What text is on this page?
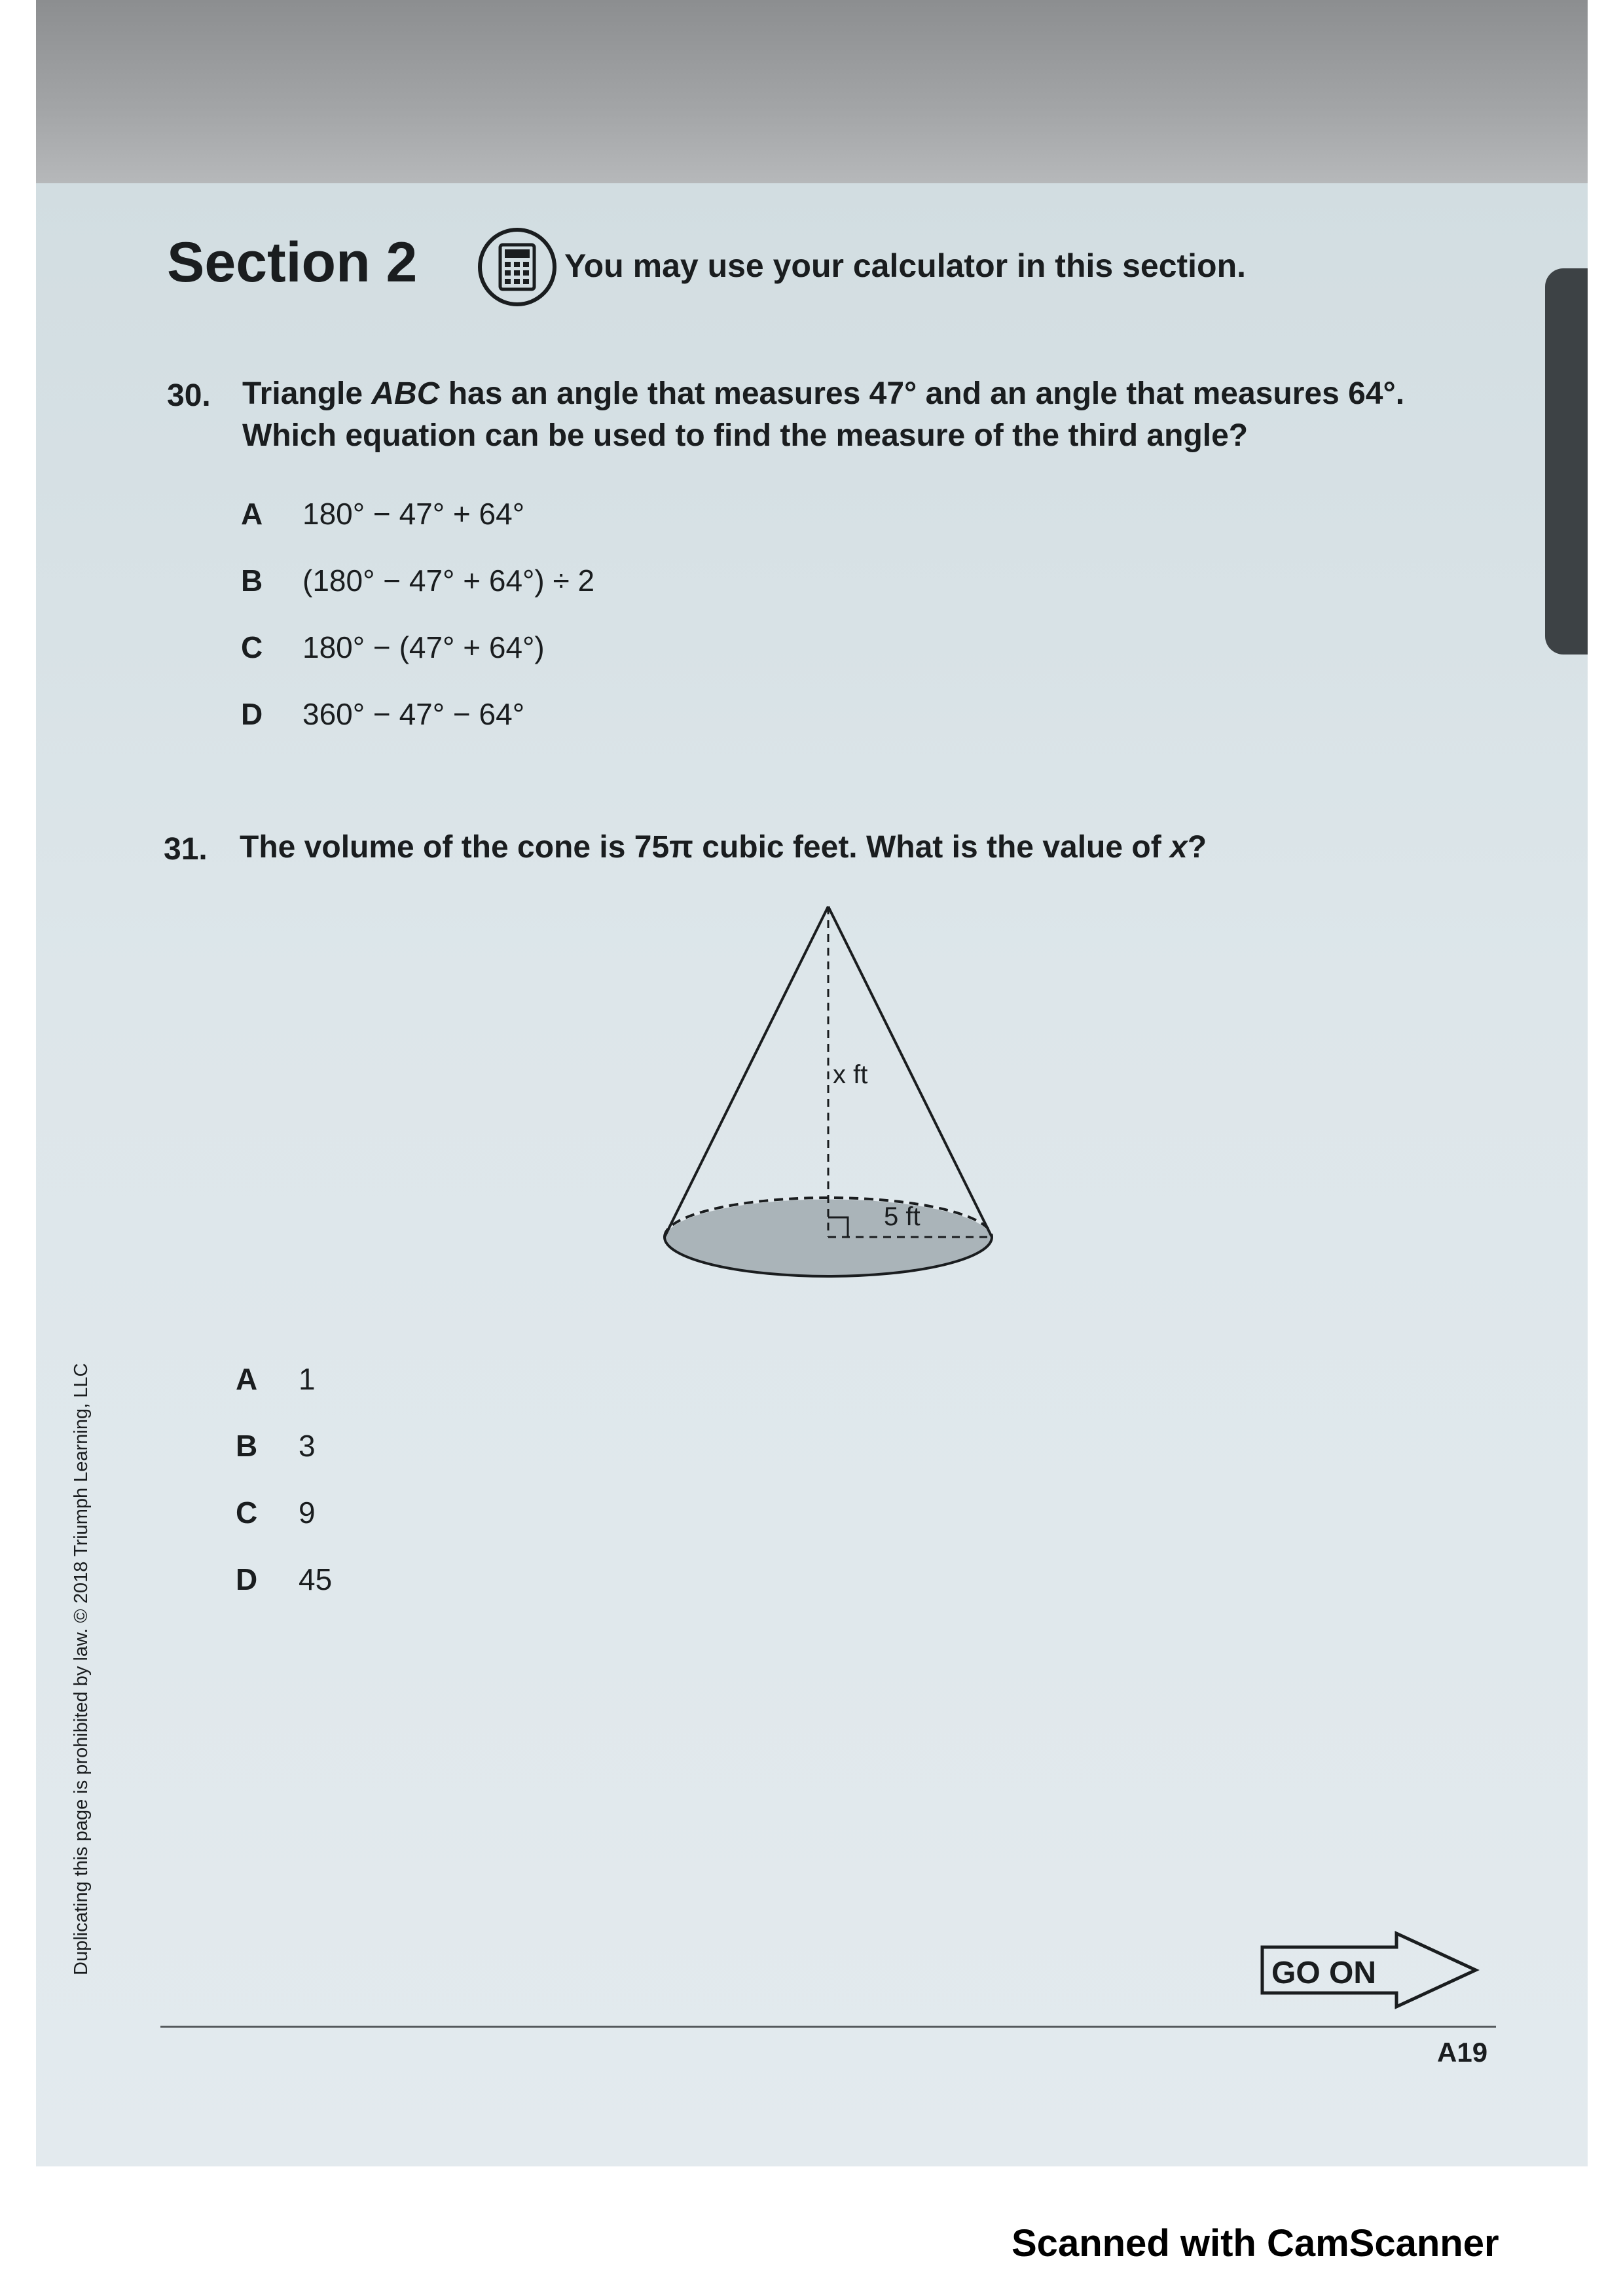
Section 2	You may use your calculator in this section.
30. Triangle ABC has an angle that measures 47° and an angle that measures 64°.
Which equation can be used to find the measure of the third angle?
A 180° − 47° + 64°
B (180° − 47° + 64°) ÷ 2
C 180° − (47° + 64°)
D 360° − 47° − 64°
31. The volume of the cone is 75π cubic feet. What is the value of x?
x ft
5 ft
A 1
B 3
C 9
D 45
GO ON
A19
Duplicating this page is prohibited by law. © 2018 Triumph Learning, LLC
Scanned with CamScanner
